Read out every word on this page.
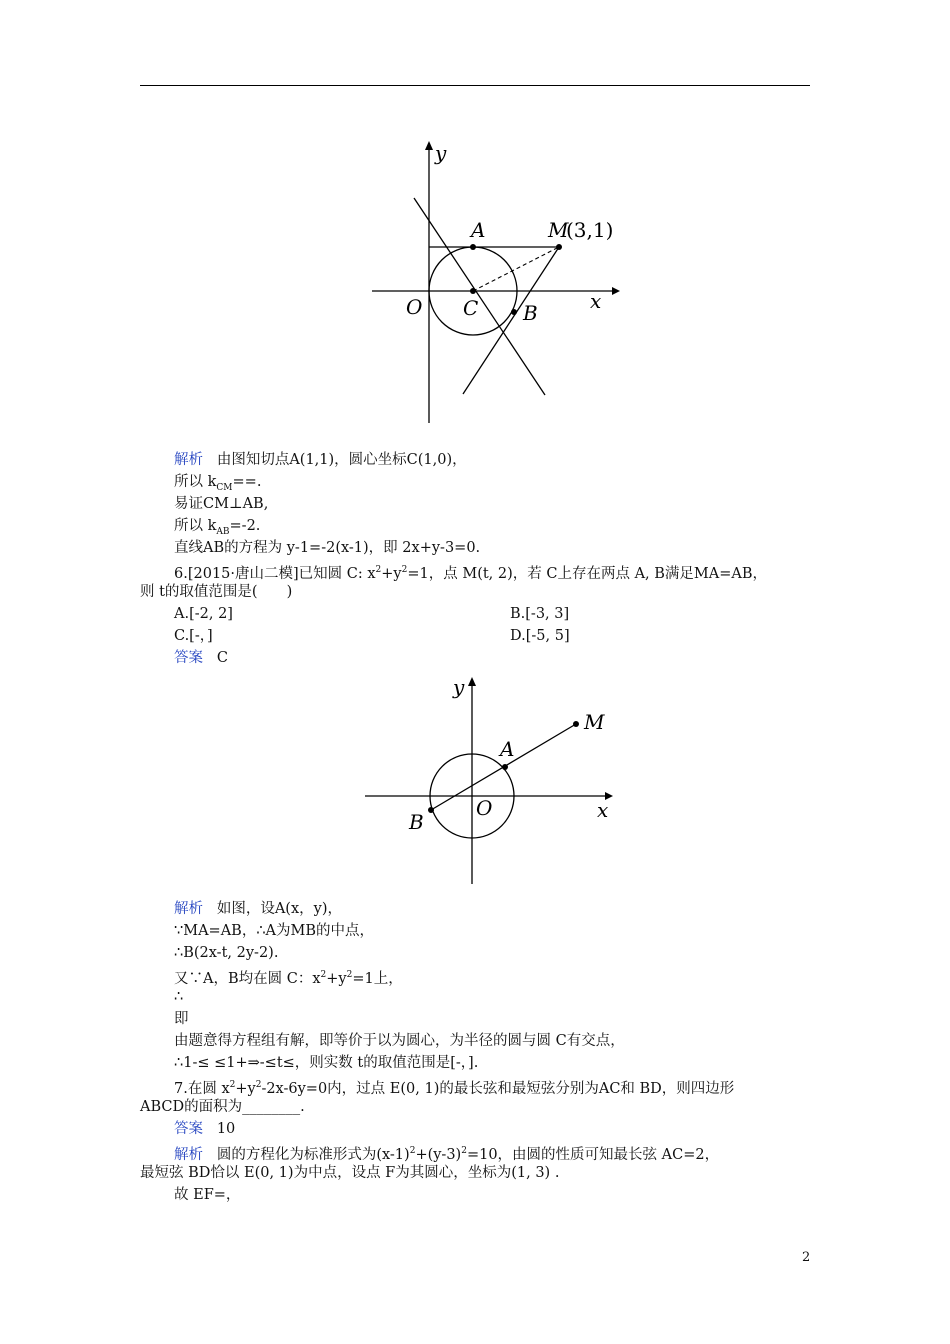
y
x
O
A
C B
M
(3,1)
解析 由图知切点A(1,1)，圆心坐标C(1,0)，
所以 $k_{CM}==$.
易证CM⊥AB,
所以 $k_{AB}=-2$.
直线AB的方程为 y-1=-2(x-1)，即 2x+y-3=0.
6.[2015·唐山二模]已知圆 C: $x^2+y^2=1$，点 M(t, 2)，若 C上存在两点 A, B满足MA=AB，
则 t的取值范围是(　　)
A.[-2, 2]	B.[-3, 3]
C.[-，]	D.[-5, 5]
答案 C
y
x
O
A
B
M
解析 如图，设A(x，y)，
∵MA=AB，∴A为MB的中点，
∴B(2x-t, 2y-2).
又∵A，B均在圆 C：$x^2+y^2=1$上，
∴
即
由题意得方程组有解，即等价于以为圆心，为半径的圆与圆 C有交点，
∴1-≤ ≤1+⇒-≤t≤，则实数 t的取值范围是[-，].
7.在圆 $x^2+y^2-2x-6y=0$内，过点 E(0, 1)的最长弦和最短弦分别为AC和 BD，则四边形
ABCD的面积为________.
答案 10
解析 圆的方程化为标准形式为$(x-1)^2+(y-3)^2=10$，由圆的性质可知最长弦 AC=2，
最短弦 BD恰以 E(0, 1)为中点，设点 F为其圆心，坐标为(1, 3) .
故 EF=，
2
